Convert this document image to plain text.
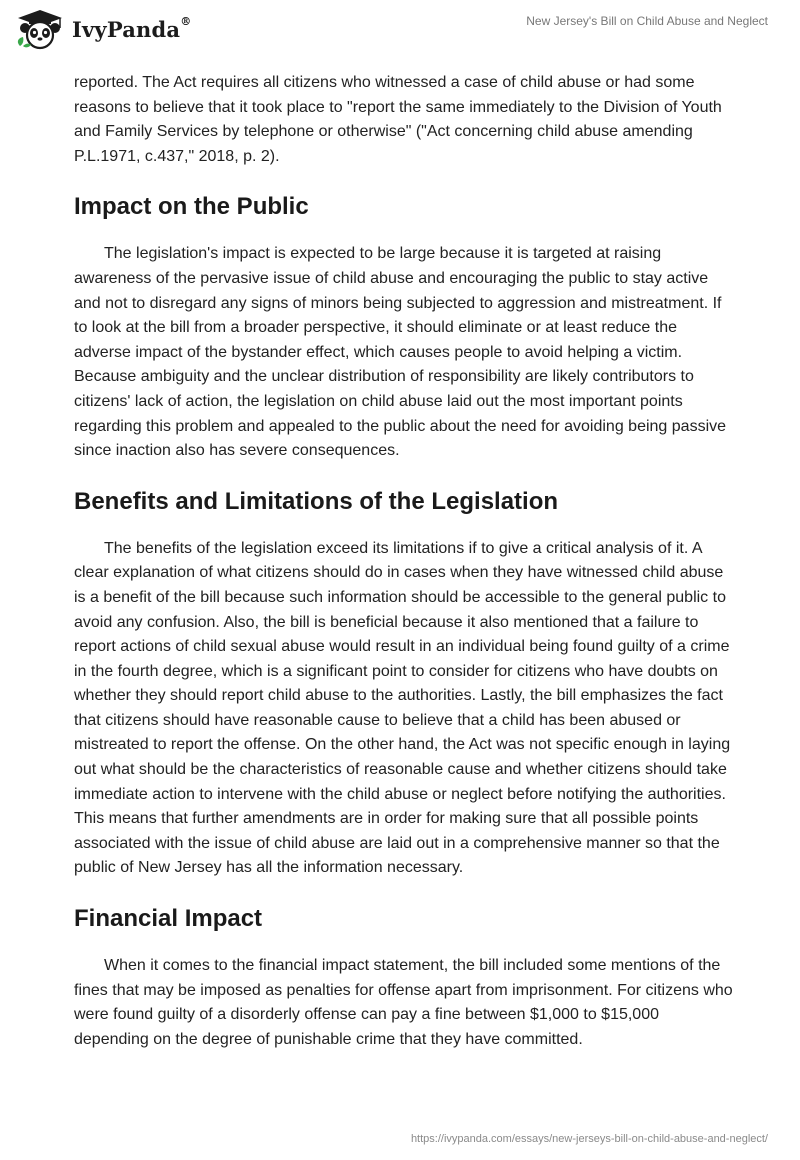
IvyPanda®	New Jersey's Bill on Child Abuse and Neglect

reported. The Act requires all citizens who witnessed a case of child abuse or had some reasons to believe that it took place to "report the same immediately to the Division of Youth and Family Services by telephone or otherwise" ("Act concerning child abuse amending P.L.1971, c.437," 2018, p. 2).

Impact on the Public

The legislation's impact is expected to be large because it is targeted at raising awareness of the pervasive issue of child abuse and encouraging the public to stay active and not to disregard any signs of minors being subjected to aggression and mistreatment. If to look at the bill from a broader perspective, it should eliminate or at least reduce the adverse impact of the bystander effect, which causes people to avoid helping a victim. Because ambiguity and the unclear distribution of responsibility are likely contributors to citizens' lack of action, the legislation on child abuse laid out the most important points regarding this problem and appealed to the public about the need for avoiding being passive since inaction also has severe consequences.

Benefits and Limitations of the Legislation

The benefits of the legislation exceed its limitations if to give a critical analysis of it. A clear explanation of what citizens should do in cases when they have witnessed child abuse is a benefit of the bill because such information should be accessible to the general public to avoid any confusion. Also, the bill is beneficial because it also mentioned that a failure to report actions of child sexual abuse would result in an individual being found guilty of a crime in the fourth degree, which is a significant point to consider for citizens who have doubts on whether they should report child abuse to the authorities. Lastly, the bill emphasizes the fact that citizens should have reasonable cause to believe that a child has been abused or mistreated to report the offense. On the other hand, the Act was not specific enough in laying out what should be the characteristics of reasonable cause and whether citizens should take immediate action to intervene with the child abuse or neglect before notifying the authorities. This means that further amendments are in order for making sure that all possible points associated with the issue of child abuse are laid out in a comprehensive manner so that the public of New Jersey has all the information necessary.

Financial Impact

When it comes to the financial impact statement, the bill included some mentions of the fines that may be imposed as penalties for offense apart from imprisonment. For citizens who were found guilty of a disorderly offense can pay a fine between $1,000 to $15,000 depending on the degree of punishable crime that they have committed.

https://ivypanda.com/essays/new-jerseys-bill-on-child-abuse-and-neglect/
